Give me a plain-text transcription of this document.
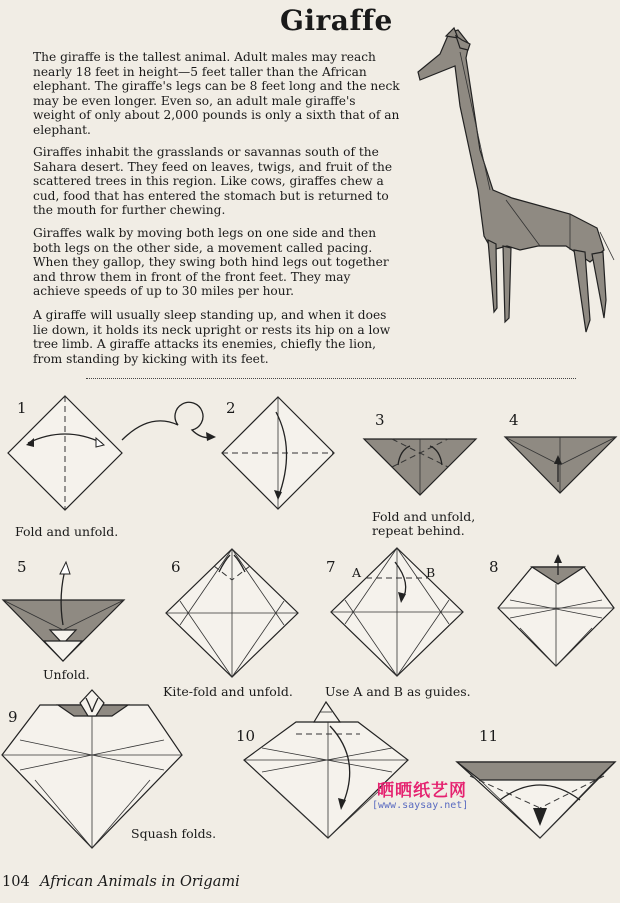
Giraffe
The giraffe is the tallest animal. Adult males may reach nearly 18 feet in height—5 feet taller than the African elephant. The giraffe's legs can be 8 feet long and the neck may be even longer. Even so, an adult male giraffe's weight of only about 2,000 pounds is only a sixth that of an elephant.
Giraffes inhabit the grasslands or savannas south of the Sahara desert. They feed on leaves, twigs, and fruit of the scattered trees in this region. Like cows, giraffes chew a cud, food that has entered the stomach but is returned to the mouth for further chewing.
Giraffes walk by moving both legs on one side and then both legs on the other side, a movement called pacing. When they gallop, they swing both hind legs out together and throw them in front of the front feet. They may achieve speeds of up to 30 miles per hour.
A giraffe will usually sleep standing up, and when it does lie down, it holds its neck upright or rests its hip on a low tree limb. A giraffe attacks its enemies, chiefly the lion, from standing by kicking with its feet.
1	2
3	4
5	6	7	8
9
10	11
A	B
Fold and unfold.
Fold and unfold,
repeat behind.
Unfold.
Kite-fold and unfold.	Use A and B as guides.
Squash folds.
晒晒纸艺网
[www.saysay.net]
104 African Animals in Origami
